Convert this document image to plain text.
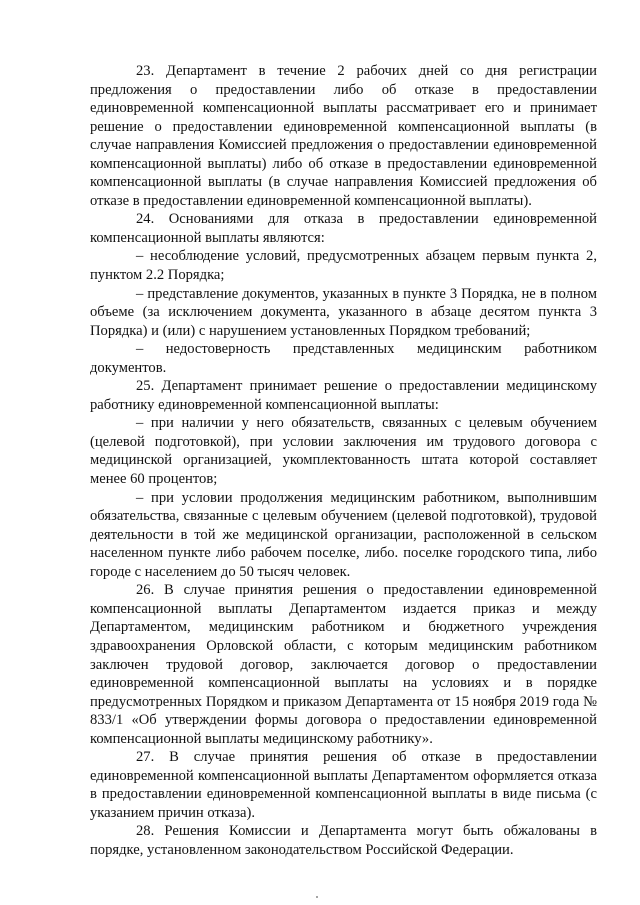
23. Департамент в течение 2 рабочих дней со дня регистрации предложения о предоставлении либо об отказе в предоставлении единовременной компенсационной выплаты рассматривает его и принимает решение о предоставлении единовременной компенсационной выплаты (в случае направления Комиссией предложения о предоставлении единовременной компенсационной выплаты) либо об отказе в предоставлении единовременной компенсационной выплаты (в случае направления Комиссией предложения об отказе в предоставлении единовременной компенсационной выплаты).

24. Основаниями для отказа в предоставлении единовременной компенсационной выплаты являются:

– несоблюдение условий, предусмотренных абзацем первым пункта 2, пунктом 2.2 Порядка;

– представление документов, указанных в пункте 3 Порядка, не в полном объеме (за исключением документа, указанного в абзаце десятом пункта 3 Порядка) и (или) с нарушением установленных Порядком требований;

– недостоверность представленных медицинским работником документов.

25. Департамент принимает решение о предоставлении медицинскому работнику единовременной компенсационной выплаты:

– при наличии у него обязательств, связанных с целевым обучением (целевой подготовкой), при условии заключения им трудового договора с медицинской организацией, укомплектованность штата которой составляет менее 60 процентов;

– при условии продолжения медицинским работником, выполнившим обязательства, связанные с целевым обучением (целевой подготовкой), трудовой деятельности в той же медицинской организации, расположенной в сельском населенном пункте либо рабочем поселке, либо. поселке городского типа, либо городе с населением до 50 тысяч человек.

26. В случае принятия решения о предоставлении единовременной компенсационной выплаты Департаментом издается приказ и между Департаментом, медицинским работником и бюджетного учреждения здравоохранения Орловской области, с которым медицинским работником заключен трудовой договор, заключается договор о предоставлении единовременной компенсационной выплаты на условиях и в порядке предусмотренных Порядком и приказом Департамента от 15 ноября 2019 года № 833/1 «Об утверждении формы договора о предоставлении единовременной компенсационной выплаты медицинскому работнику».

27. В случае принятия решения об отказе в предоставлении единовременной компенсационной выплаты Департаментом оформляется отказа в предоставлении единовременной компенсационной выплаты в виде письма (с указанием причин отказа).

28. Решения Комиссии и Департамента могут быть обжалованы в порядке, установленном законодательством Российской Федерации.
